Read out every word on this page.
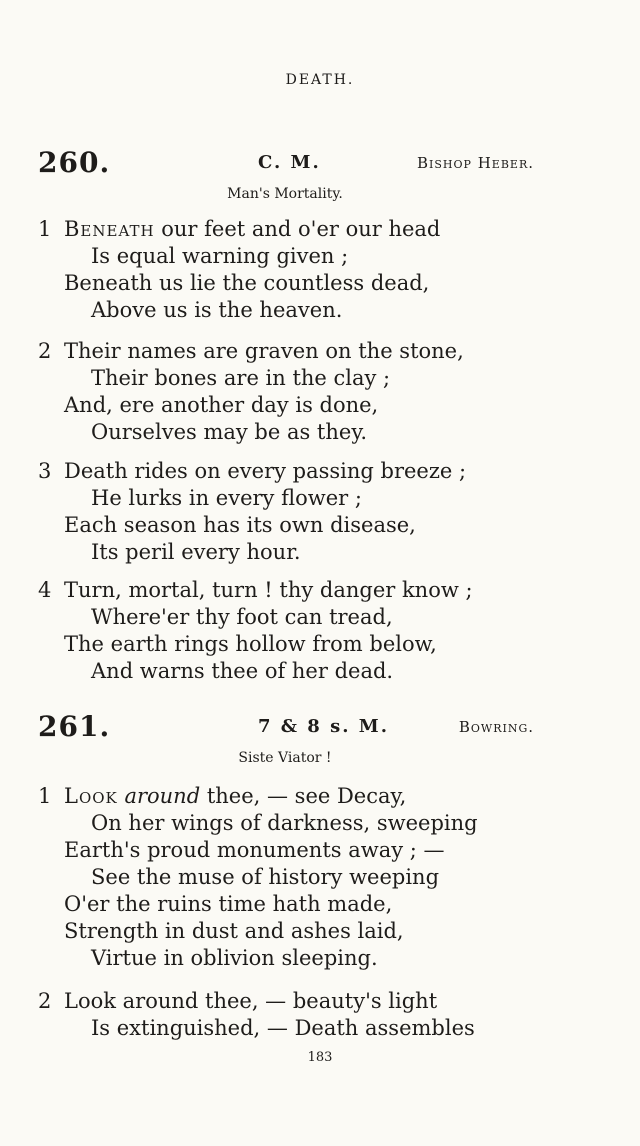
DEATH.
260.	C. M.	Bishop Heber.
Man's Mortality.
1 Beneath our feet and o'er our head
Is equal warning given ;
Beneath us lie the countless dead,
Above us is the heaven.
2 Their names are graven on the stone,
Their bones are in the clay ;
And, ere another day is done,
Ourselves may be as they.
3 Death rides on every passing breeze ;
He lurks in every flower ;
Each season has its own disease,
Its peril every hour.
4 Turn, mortal, turn ! thy danger know ;
Where'er thy foot can tread,
The earth rings hollow from below,
And warns thee of her dead.
261.	7 & 8 s. M.	Bowring.
Siste Viator !
1 Look around thee, — see Decay,
On her wings of darkness, sweeping
Earth's proud monuments away ; —
See the muse of history weeping
O'er the ruins time hath made,
Strength in dust and ashes laid,
Virtue in oblivion sleeping.
2 Look around thee, — beauty's light
Is extinguished, — Death assembles
183
